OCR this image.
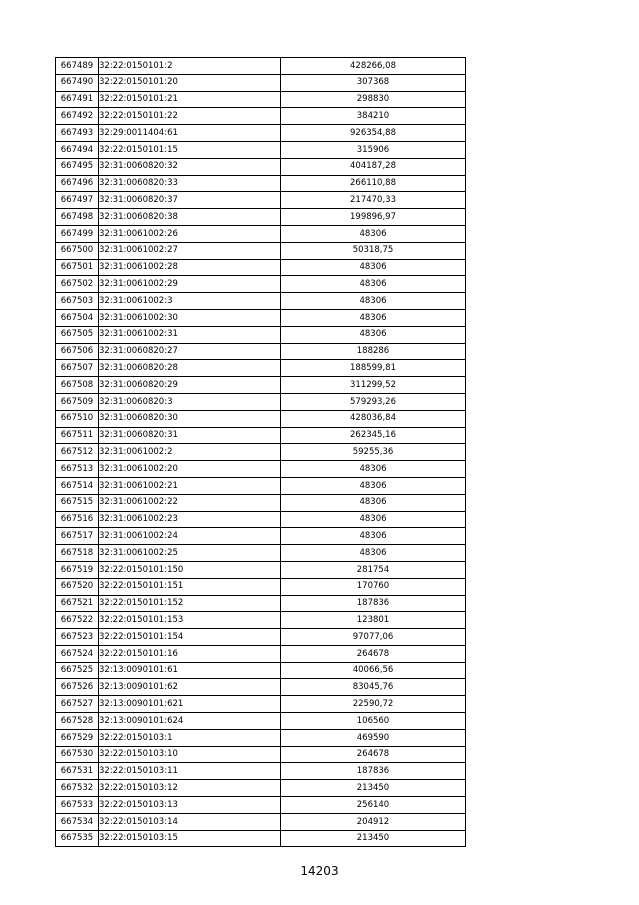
667489	32:22:0150101:2	428266,08
667490	32:22:0150101:20	307368
667491	32:22:0150101:21	298830
667492	32:22:0150101:22	384210
667493	32:29:0011404:61	926354,88
667494	32:22:0150101:15	315906
667495	32:31:0060820:32	404187,28
667496	32:31:0060820:33	266110,88
667497	32:31:0060820:37	217470,33
667498	32:31:0060820:38	199896,97
667499	32:31:0061002:26	48306
667500	32:31:0061002:27	50318,75
667501	32:31:0061002:28	48306
667502	32:31:0061002:29	48306
667503	32:31:0061002:3	48306
667504	32:31:0061002:30	48306
667505	32:31:0061002:31	48306
667506	32:31:0060820:27	188286
667507	32:31:0060820:28	188599,81
667508	32:31:0060820:29	311299,52
667509	32:31:0060820:3	579293,26
667510	32:31:0060820:30	428036,84
667511	32:31:0060820:31	262345,16
667512	32:31:0061002:2	59255,36
667513	32:31:0061002:20	48306
667514	32:31:0061002:21	48306
667515	32:31:0061002:22	48306
667516	32:31:0061002:23	48306
667517	32:31:0061002:24	48306
667518	32:31:0061002:25	48306
667519	32:22:0150101:150	281754
667520	32:22:0150101:151	170760
667521	32:22:0150101:152	187836
667522	32:22:0150101:153	123801
667523	32:22:0150101:154	97077,06
667524	32:22:0150101:16	264678
667525	32:13:0090101:61	40066,56
667526	32:13:0090101:62	83045,76
667527	32:13:0090101:621	22590,72
667528	32:13:0090101:624	106560
667529	32:22:0150103:1	469590
667530	32:22:0150103:10	264678
667531	32:22:0150103:11	187836
667532	32:22:0150103:12	213450
667533	32:22:0150103:13	256140
667534	32:22:0150103:14	204912
667535	32:22:0150103:15	213450
14203
